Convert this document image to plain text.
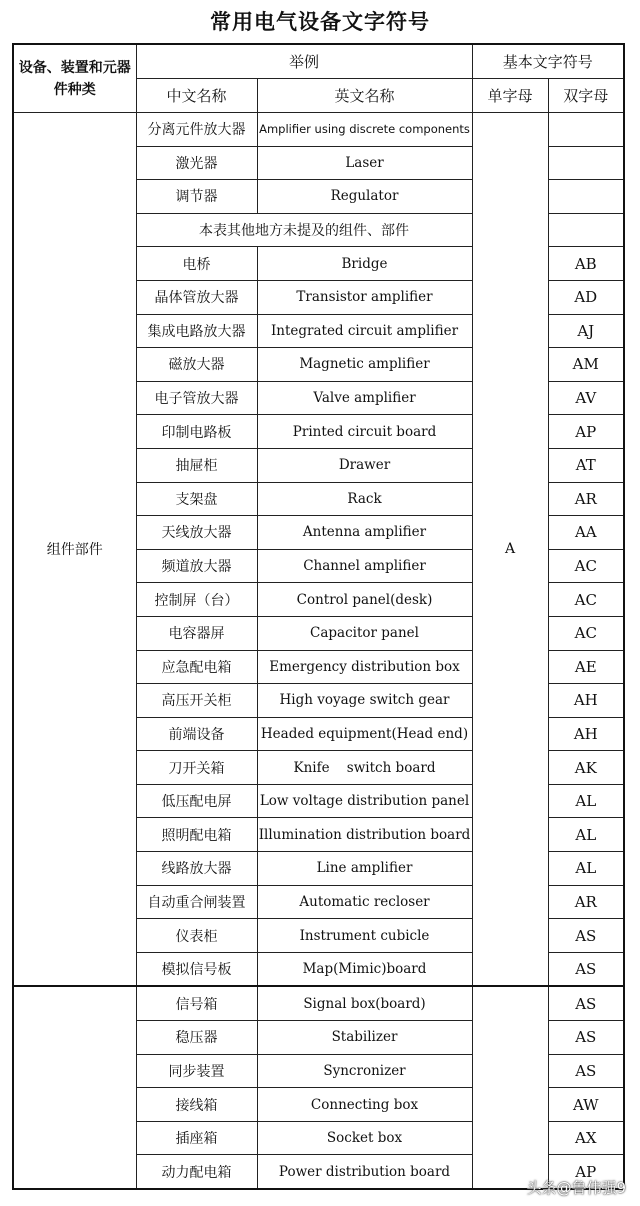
常用电气设备文字符号
设备、装置和元器件种类	举例		基本文字符号	
	中文名称	英文名称	单字母	双字母
组件部件	分离元件放大器	Amplifier using discrete components	A	
	激光器	Laser		
	调节器	Regulator		
	本表其他地方未提及的组件、部件			
	电桥	Bridge		AB
	晶体管放大器	Transistor amplifier		AD
	集成电路放大器	Integrated circuit amplifier		AJ
	磁放大器	Magnetic amplifier		AM
	电子管放大器	Valve amplifier		AV
	印制电路板	Printed circuit board		AP
	抽屉柜	Drawer		AT
	支架盘	Rack		AR
	天线放大器	Antenna amplifier		AA
	频道放大器	Channel amplifier		AC
	控制屏（台）	Control panel(desk)		AC
	电容器屏	Capacitor panel		AC
	应急配电箱	Emergency distribution box		AE
	高压开关柜	High voyage switch gear		AH
	前端设备	Headed equipment(Head end)		AH
	刀开关箱	Knife    switch board		AK
	低压配电屏	Low voltage distribution panel		AL
	照明配电箱	Illumination distribution board		AL
	线路放大器	Line amplifier		AL
	自动重合闸装置	Automatic recloser		AR
	仪表柜	Instrument cubicle		AS
	模拟信号板	Map(Mimic)board		AS
	信号箱	Signal box(board)		AS
	稳压器	Stabilizer		AS
	同步装置	Syncronizer		AS
	接线箱	Connecting box		AW
	插座箱	Socket box		AX
	动力配电箱	Power distribution board		AP
头条@鲁伟强9
